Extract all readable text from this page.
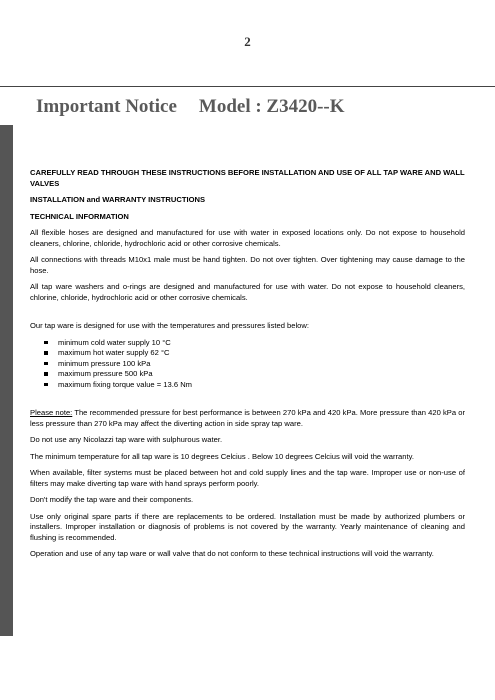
2
Important Notice Model : Z3420--K

CAREFULLY READ THROUGH THESE INSTRUCTIONS BEFORE INSTALLATION AND USE OF ALL TAP WARE AND WALL VALVES

INSTALLATION and WARRANTY INSTRUCTIONS

TECHNICAL INFORMATION

All flexible hoses are designed and manufactured for use with water in exposed locations only. Do not expose to household cleaners, chlorine, chloride, hydrochloric acid or other corrosive chemicals.

All connections with threads M10x1 male must be hand tighten. Do not over tighten. Over tightening may cause damage to the hose.

All tap ware washers and o-rings are designed and manufactured for use with water. Do not expose to household cleaners, chlorine, chloride, hydrochloric acid or other corrosive chemicals.

Our tap ware is designed for use with the temperatures and pressures listed below:

minimum cold water supply 10 °C
maximum hot water supply 62 °C
minimum pressure 100 kPa
maximum pressure 500 kPa
maximum fixing torque value = 13.6 Nm

Please note: The recommended pressure for best performance is between 270 kPa and 420 kPa. More pressure than 420 kPa or less pressure than 270 kPa may affect the diverting action in side spray tap ware.

Do not use any Nicolazzi tap ware with sulphurous water.

The minimum temperature for all tap ware is 10 degrees Celcius . Below 10 degrees Celcius will void the warranty.

When available, filter systems must be placed between hot and cold supply lines and the tap ware. Improper use or non-use of filters may make diverting tap ware with hand sprays perform poorly.

Don't modify the tap ware and their components.

Use only original spare parts if there are replacements to be ordered. Installation must be made by authorized plumbers or installers. Improper installation or diagnosis of problems is not covered by the warranty. Yearly maintenance of cleaning and flushing is recommended.

Operation and use of any tap ware or wall valve that do not conform to these technical instructions will void the warranty.
